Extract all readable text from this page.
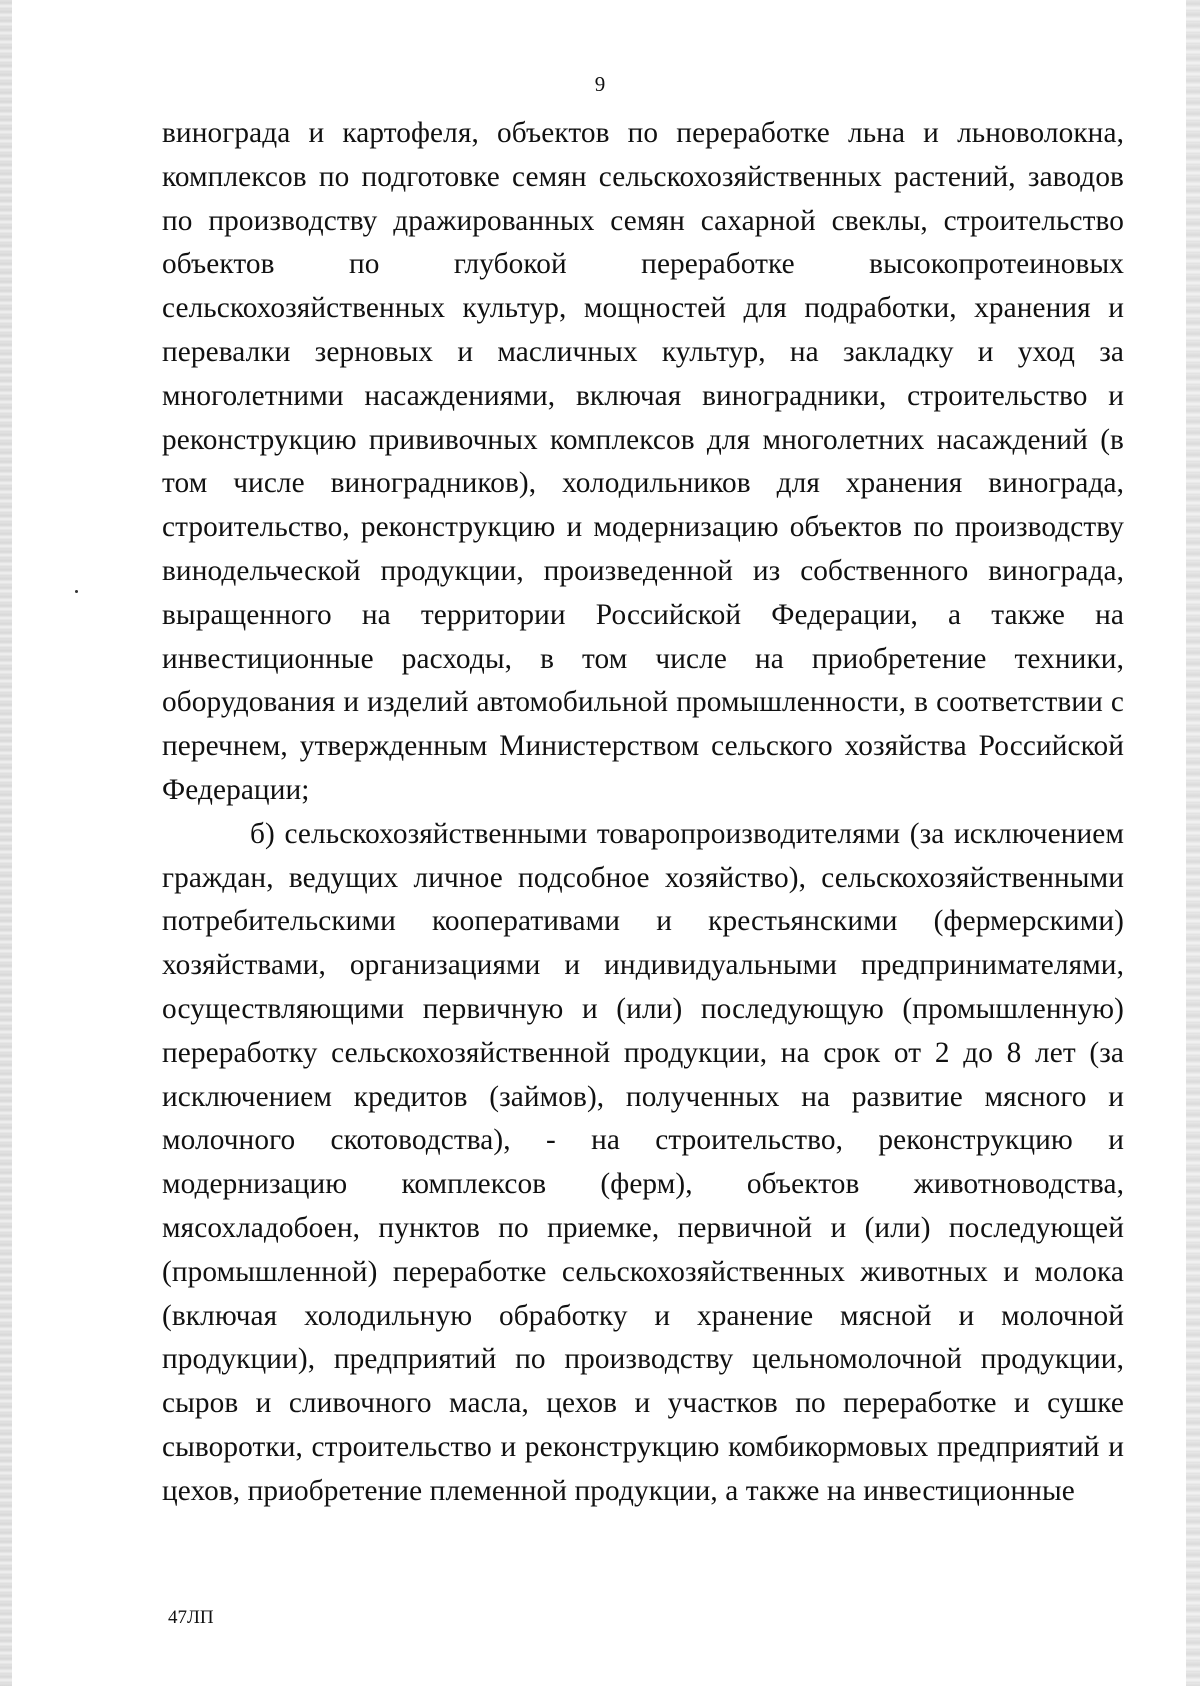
9

винограда и картофеля, объектов по переработке льна и льноволокна, комплексов по подготовке семян сельскохозяйственных растений, заводов по производству дражированных семян сахарной свеклы, строительство объектов по глубокой переработке высокопротеиновых сельскохозяйственных культур, мощностей для подработки, хранения и перевалки зерновых и масличных культур, на закладку и уход за многолетними насаждениями, включая виноградники, строительство и реконструкцию прививочных комплексов для многолетних насаждений (в том числе виноградников), холодильников для хранения винограда, строительство, реконструкцию и модернизацию объектов по производству винодельческой продукции, произведенной из собственного винограда, выращенного на территории Российской Федерации, а также на инвестиционные расходы, в том числе на приобретение техники, оборудования и изделий автомобильной промышленности, в соответствии с перечнем, утвержденным Министерством сельского хозяйства Российской Федерации;

б) сельскохозяйственными товаропроизводителями (за исключением граждан, ведущих личное подсобное хозяйство), сельскохозяйственными потребительскими кооперативами и крестьянскими (фермерскими) хозяйствами, организациями и индивидуальными предпринимателями, осуществляющими первичную и (или) последующую (промышленную) переработку сельскохозяйственной продукции, на срок от 2 до 8 лет (за исключением кредитов (займов), полученных на развитие мясного и молочного скотоводства), - на строительство, реконструкцию и модернизацию комплексов (ферм), объектов животноводства, мясохладобоен, пунктов по приемке, первичной и (или) последующей (промышленной) переработке сельскохозяйственных животных и молока (включая холодильную обработку и хранение мясной и молочной продукции), предприятий по производству цельномолочной продукции, сыров и сливочного масла, цехов и участков по переработке и сушке сыворотки, строительство и реконструкцию комбикормовых предприятий и цехов, приобретение племенной продукции, а также на инвестиционные

47ЛП
